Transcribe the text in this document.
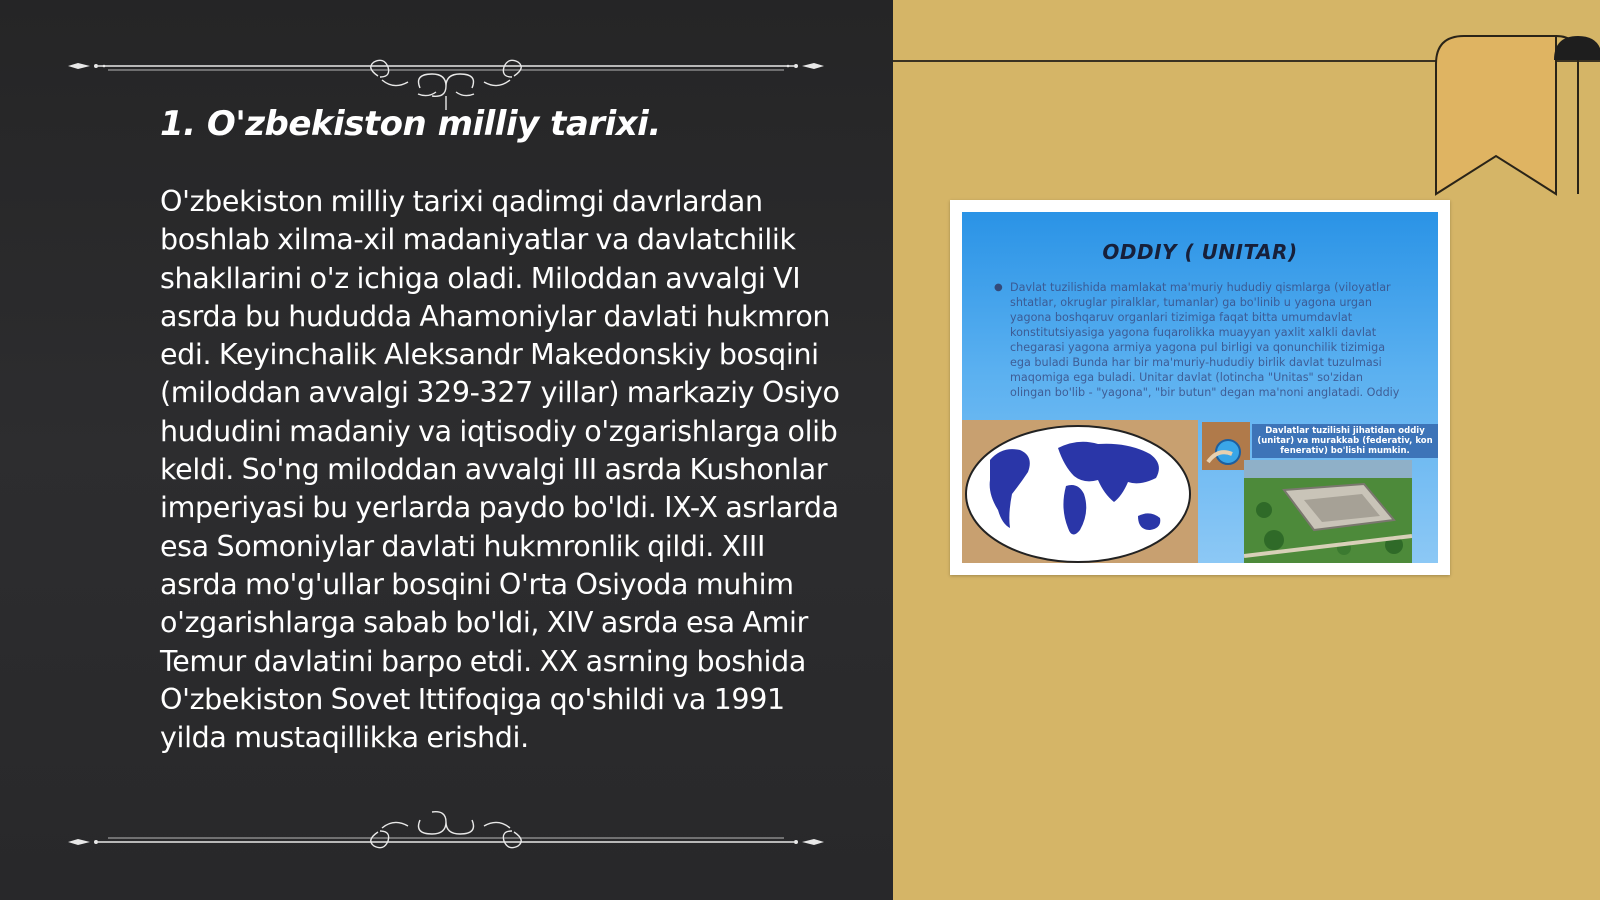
1. O'zbekiston milliy tarixi.

O'zbekiston milliy tarixi qadimgi davrlardan boshlab xilma-xil madaniyatlar va davlatchilik shakllarini o'z ichiga oladi. Miloddan avvalgi VI asrda bu hududda Ahamoniylar davlati hukmron edi. Keyinchalik Aleksandr Makedonskiy bosqini (miloddan avvalgi 329-327 yillar) markaziy Osiyo hududini madaniy va iqtisodiy o'zgarishlarga olib keldi. So'ng miloddan avvalgi III asrda Kushonlar imperiyasi bu yerlarda paydo bo'ldi. IX-X asrlarda esa Somoniylar davlati hukmronlik qildi. XIII asrda mo'g'ullar bosqini O'rta Osiyoda muhim o'zgarishlarga sabab bo'ldi, XIV asrda esa Amir Temur davlatini barpo etdi. XX asrning boshida O'zbekiston Sovet Ittifoqiga qo'shildi va 1991 yilda mustaqillikka erishdi.

ODDIY ( UNITAR)
● Davlat tuzilishida mamlakat ma'muriy hududiy qismlarga (viloyatlar shtatlar, okruglar piralklar, tumanlar) ga bo'linib u yagona urgan yagona boshqaruv organlari tizimiga faqat bitta umumdavlat konstitutsiyasiga yagona fuqarolikka muayyan yaxlit xalkli davlat chegarasi yagona armiya yagona pul birligi va qonunchilik tizimiga ega buladi Bunda har bir ma'muriy-hududiy birlik davlat tuzulmasi maqomiga ega buladi. Unitar davlat (lotincha "Unitas" so'zidan olingan bo'lib - "yagona", "bir butun" degan ma'noni anglatadi. Oddiy
Davlatlar tuzilishi jihatidan oddiy (unitar) va murakkab (federativ, kon fenerativ) bo'lishi mumkin.
